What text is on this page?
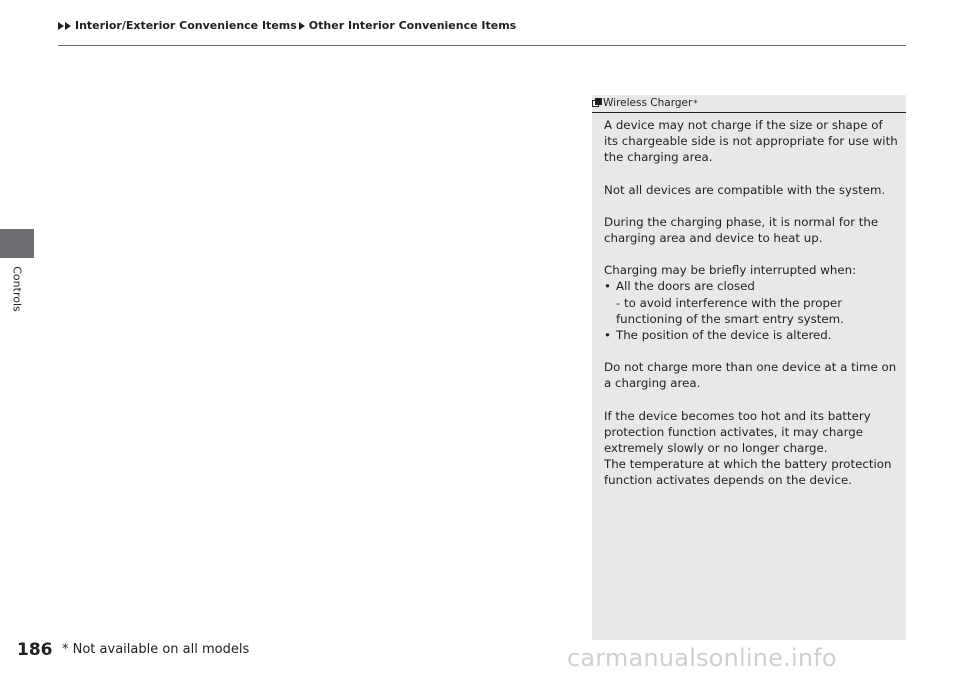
Controls
Interior/Exterior Convenience Items Other Interior Convenience Items
Wireless Charger *

A device may not charge if the size or shape of its chargeable side is not appropriate for use with the charging area.

Not all devices are compatible with the system.

During the charging phase, it is normal for the charging area and device to heat up.

Charging may be briefly interrupted when:

• All the doors are closed
- to avoid interference with the proper functioning of the smart entry system.
• The position of the device is altered.

Do not charge more than one device at a time on a charging area.

If the device becomes too hot and its battery protection function activates, it may charge extremely slowly or no longer charge.

The temperature at which the battery protection function activates depends on the device.

186 * Not available on all models	carmanualsonline.info
